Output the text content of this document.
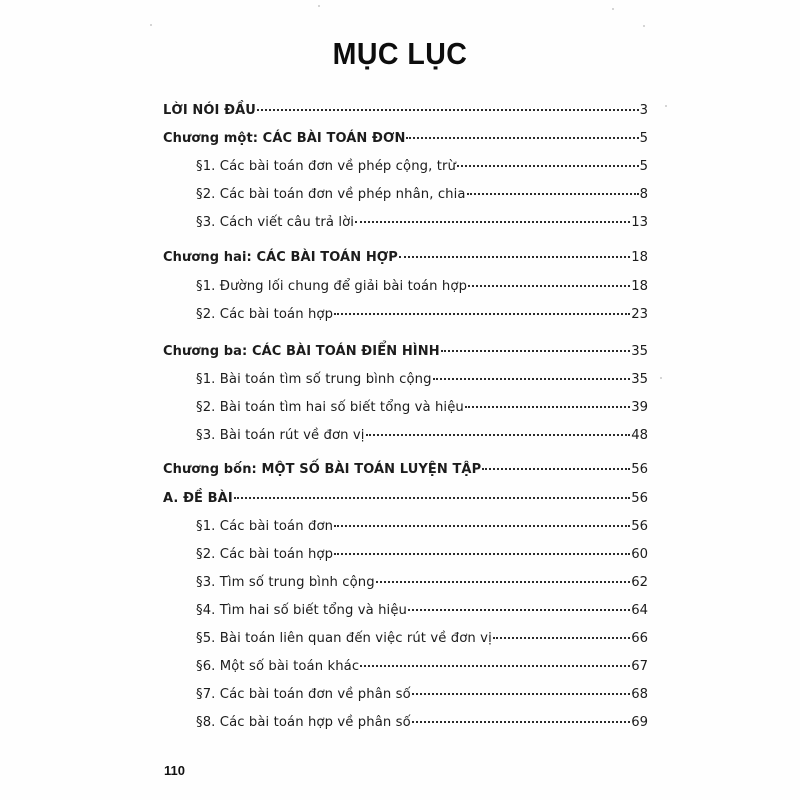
MỤC LỤC
LỜI NÓI ĐẦU	3
Chương một: CÁC BÀI TOÁN ĐƠN	5
§1. Các bài toán đơn về phép cộng, trừ	5
§2. Các bài toán đơn về phép nhân, chia	8
§3. Cách viết câu trả lời	13
Chương hai: CÁC BÀI TOÁN HỢP	18
§1. Đường lối chung để giải bài toán hợp	18
§2. Các bài toán hợp	23
Chương ba: CÁC BÀI TOÁN ĐIỂN HÌNH	35
§1. Bài toán tìm số trung bình cộng	35
§2. Bài toán tìm hai số biết tổng và hiệu	39
§3. Bài toán rút về đơn vị	48
Chương bốn: MỘT SỐ BÀI TOÁN LUYỆN TẬP	56
A. ĐỀ BÀI	56
§1. Các bài toán đơn	56
§2. Các bài toán hợp	60
§3. Tìm số trung bình cộng	62
§4. Tìm hai số biết tổng và hiệu	64
§5. Bài toán liên quan đến việc rút về đơn vị	66
§6. Một số bài toán khác	67
§7. Các bài toán đơn về phân số	68
§8. Các bài toán hợp về phân số	69
110
